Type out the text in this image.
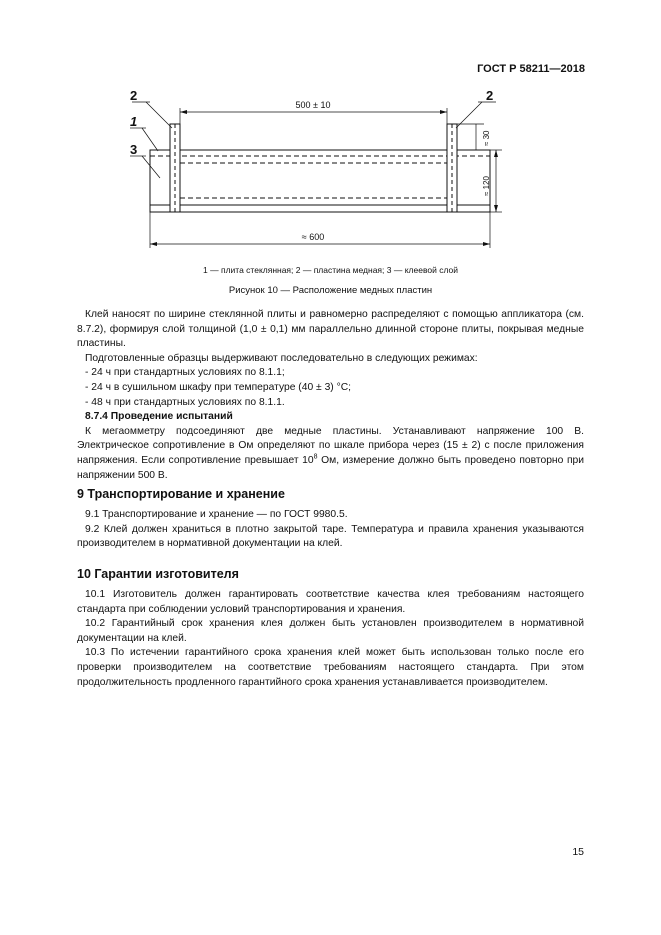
ГОСТ Р 58211—2018
2
1
3
2
500 ± 10
≈ 600
≈ 30
≈ 120
1 — плита стеклянная; 2 — пластина медная; 3 — клеевой слой
Рисунок 10 — Расположение медных пластин

Клей наносят по ширине стеклянной плиты и равномерно распределяют с помощью аппликатора (см. 8.7.2), формируя слой толщиной (1,0 ± 0,1) мм параллельно длинной стороне плиты, покрывая медные пластины.

Подготовленные образцы выдерживают последовательно в следующих режимах:

- 24 ч при стандартных условиях по 8.1.1;

- 24 ч в сушильном шкафу при температуре (40 ± 3) °С;

- 48 ч при стандартных условиях по 8.1.1.

8.7.4 Проведение испытаний

К мегаомметру подсоединяют две медные пластины. Устанавливают напряжение 100 В. Электрическое сопротивление в Ом определяют по шкале прибора через (15 ± 2) с после приложения напряжения. Если сопротивление превышает $10^8$ Ом, измерение должно быть проведено повторно при напряжении 500 В.

9 Транспортирование и хранение

9.1 Транспортирование и хранение — по ГОСТ 9980.5.

9.2 Клей должен храниться в плотно закрытой таре. Температура и правила хранения указываются производителем в нормативной документации на клей.

10 Гарантии изготовителя

10.1 Изготовитель должен гарантировать соответствие качества клея требованиям настоящего стандарта при соблюдении условий транспортирования и хранения.

10.2 Гарантийный срок хранения клея должен быть установлен производителем в нормативной документации на клей.

10.3 По истечении гарантийного срока хранения клей может быть использован только после его проверки производителем на соответствие требованиям настоящего стандарта. При этом продолжительность продленного гарантийного срока хранения устанавливается производителем.

15
